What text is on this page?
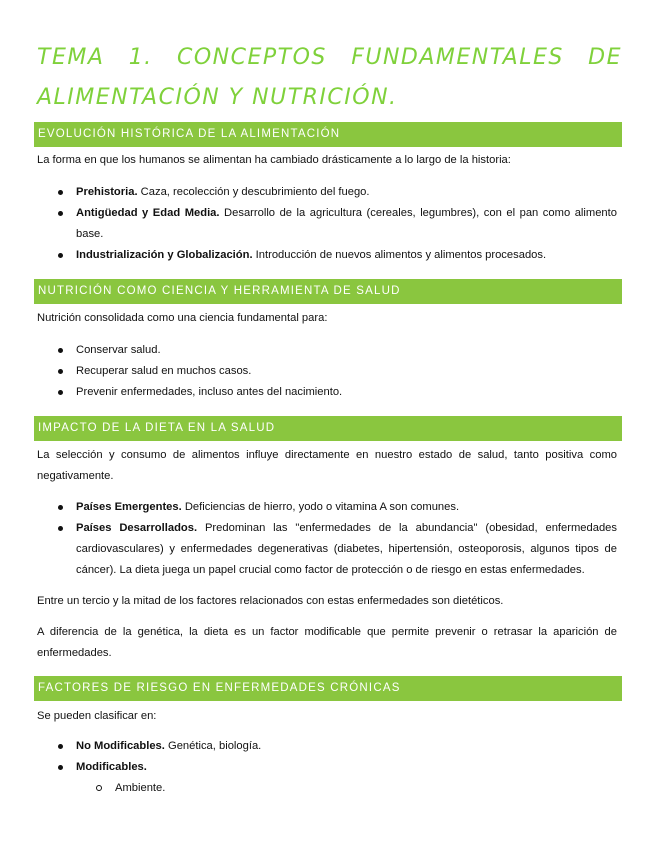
TEMA 1. CONCEPTOS FUNDAMENTALES DE ALIMENTACIÓN Y NUTRICIÓN.
EVOLUCIÓN HISTÓRICA DE LA ALIMENTACIÓN
La forma en que los humanos se alimentan ha cambiado drásticamente a lo largo de la historia:
Prehistoria. Caza, recolección y descubrimiento del fuego.
Antigüedad y Edad Media. Desarrollo de la agricultura (cereales, legumbres), con el pan como alimento base.
Industrialización y Globalización. Introducción de nuevos alimentos y alimentos procesados.
NUTRICIÓN COMO CIENCIA Y HERRAMIENTA DE SALUD
Nutrición consolidada como una ciencia fundamental para:
Conservar salud.
Recuperar salud en muchos casos.
Prevenir enfermedades, incluso antes del nacimiento.
IMPACTO DE LA DIETA EN LA SALUD
La selección y consumo de alimentos influye directamente en nuestro estado de salud, tanto positiva como negativamente.
Países Emergentes. Deficiencias de hierro, yodo o vitamina A son comunes.
Países Desarrollados. Predominan las "enfermedades de la abundancia" (obesidad, enfermedades cardiovasculares) y enfermedades degenerativas (diabetes, hipertensión, osteoporosis, algunos tipos de cáncer). La dieta juega un papel crucial como factor de protección o de riesgo en estas enfermedades.
Entre un tercio y la mitad de los factores relacionados con estas enfermedades son dietéticos.
A diferencia de la genética, la dieta es un factor modificable que permite prevenir o retrasar la aparición de enfermedades.
FACTORES DE RIESGO EN ENFERMEDADES CRÓNICAS
Se pueden clasificar en:
No Modificables. Genética, biología.
Modificables.
Ambiente.
